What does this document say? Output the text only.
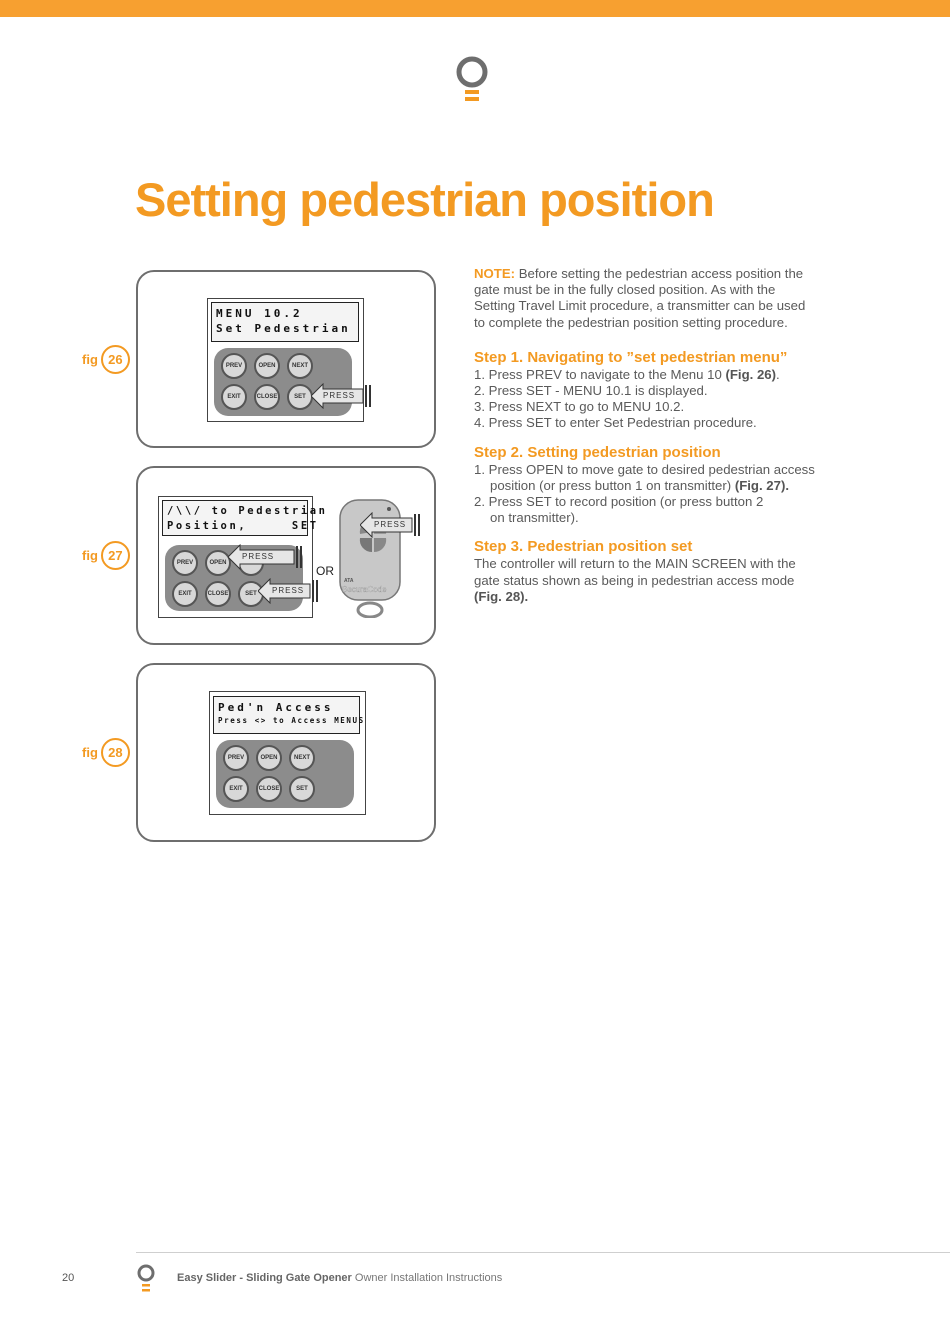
Setting pedestrian position
fig 26
MENU 10.2
Set Pedestrian
PREV	OPEN	NEXT
EXIT	CLOSE	SET	PRESS
fig 27
/\\/ to Pedestrian
Position,     SET
PREV	OPEN
EXIT	CLOSE	SET
PRESS
PRESS
OR
ATA
SecuraCode
PRESS
fig 28
Ped'n Access
Press <> to Access MENUS
PREV	OPEN	NEXT
EXIT	CLOSE	SET

NOTE: Before setting the pedestrian access position the gate must be in the fully closed position. As with the Setting Travel Limit procedure, a transmitter can be used to complete the pedestrian position setting procedure.

Step 1. Navigating to ”set pedestrian menu”

1. Press PREV to navigate to the Menu 10 (Fig. 26).

2. Press SET - MENU 10.1 is displayed.

3. Press NEXT to go to MENU 10.2.

4. Press SET to enter Set Pedestrian procedure.

Step 2. Setting pedestrian position

1. Press OPEN to move gate to desired pedestrian access

position (or press button 1 on transmitter) (Fig. 27).

2. Press SET to record position (or press button 2

on transmitter).

Step 3. Pedestrian position set

The controller will return to the MAIN SCREEN with the gate status shown as being in pedestrian access mode (Fig. 28).

20	Easy Slider - Sliding Gate Opener Owner Installation Instructions
